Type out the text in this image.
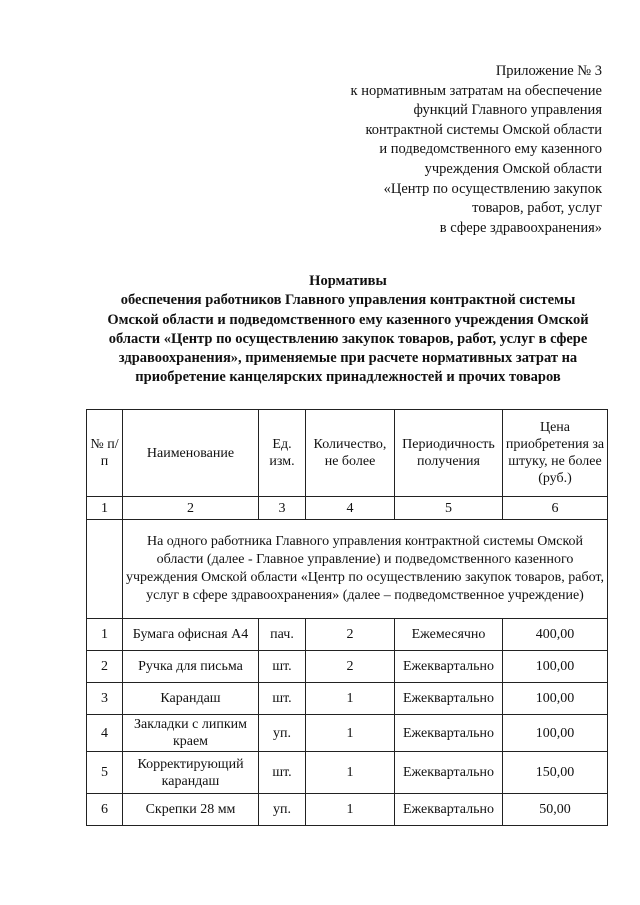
Приложение № 3
к нормативным затратам на обеспечение
функций Главного управления
контрактной системы Омской области
и подведомственного ему казенного
учреждения Омской области
«Центр по осуществлению закупок
товаров, работ, услуг
в сфере здравоохранения»
Нормативы
обеспечения работников Главного управления контрактной системы
Омской области и подведомственного ему казенного учреждения Омской
области «Центр по осуществлению закупок товаров, работ, услуг в сфере
здравоохранения», применяемые при расчете нормативных затрат на
приобретение канцелярских принадлежностей и прочих товаров
№ п/п	Наименование	Ед. изм.	Количество, не более	Периодичность получения	Цена приобретения за штуку, не более (руб.)
1	2	3	4	5	6
	На одного работника Главного управления контрактной системы Омской области (далее - Главное управление) и подведомственного казенного учреждения Омской области «Центр по осуществлению закупок товаров, работ, услуг в сфере здравоохранения» (далее – подведомственное учреждение)				
1	Бумага офисная А4	пач.	2	Ежемесячно	400,00
2	Ручка для письма	шт.	2	Ежеквартально	100,00
3	Карандаш	шт.	1	Ежеквартально	100,00
4	Закладки с липким краем	уп.	1	Ежеквартально	100,00
5	Корректирующий карандаш	шт.	1	Ежеквартально	150,00
6	Скрепки 28 мм	уп.	1	Ежеквартально	50,00
